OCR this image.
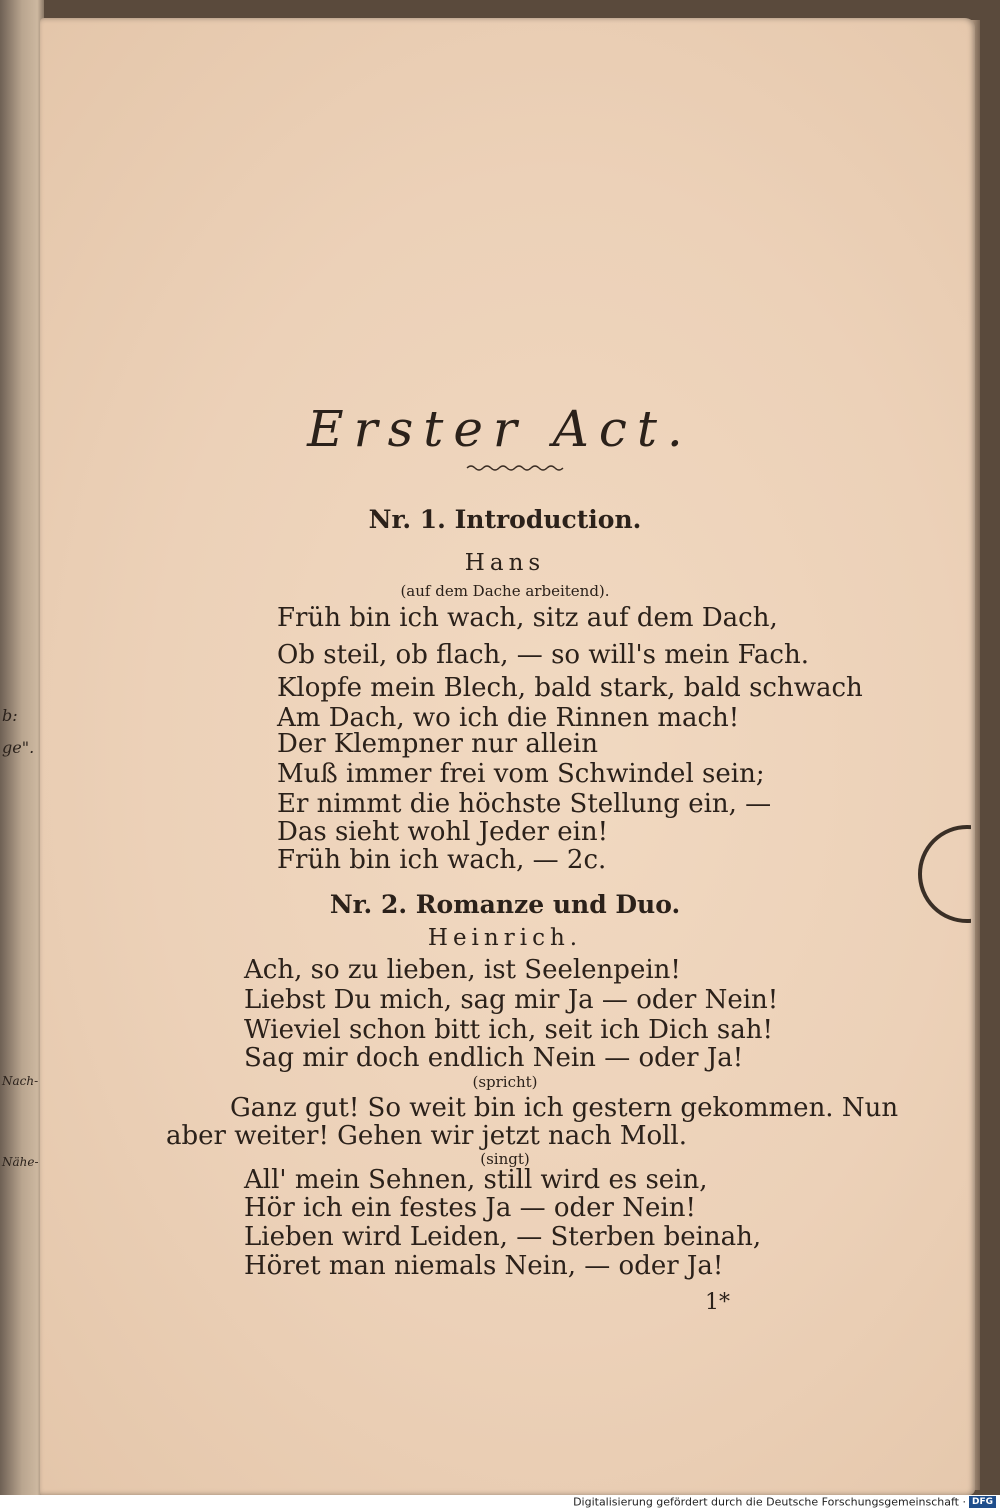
b:
ge".
Nach-
Nähe-
Erster Act.
Nr. 1. Introduction.
Hans
(auf dem Dache arbeitend).
Früh bin ich wach, sitz auf dem Dach,
Ob steil, ob flach, — so will's mein Fach.
Klopfe mein Blech, bald stark, bald schwach
Am Dach, wo ich die Rinnen mach!
Der Klempner nur allein
Muß immer frei vom Schwindel sein;
Er nimmt die höchste Stellung ein, —
Das sieht wohl Jeder ein!
Früh bin ich wach, — 2c.
Nr. 2. Romanze und Duo.
Heinrich.
Ach, so zu lieben, ist Seelenpein!
Liebst Du mich, sag mir Ja — oder Nein!
Wieviel schon bitt ich, seit ich Dich sah!
Sag mir doch endlich Nein — oder Ja!
(spricht)
Ganz gut! So weit bin ich gestern gekommen. Nun
aber weiter! Gehen wir jetzt nach Moll.
(singt)
All' mein Sehnen, still wird es sein,
Hör ich ein festes Ja — oder Nein!
Lieben wird Leiden, — Sterben beinah,
Höret man niemals Nein, — oder Ja!
1*
Digitalisierung gefördert durch die Deutsche Forschungsgemeinschaft · DFG
